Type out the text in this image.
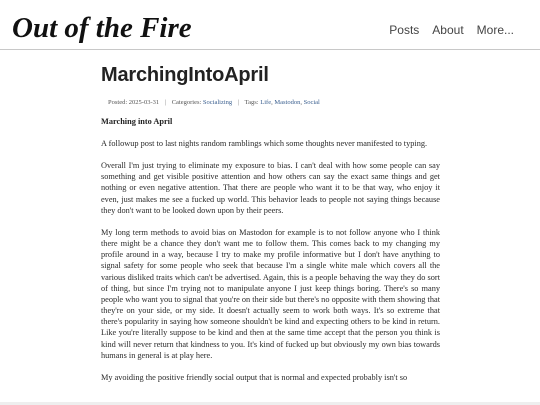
Out of the Fire	Posts About More...
MarchingIntoApril
Posted: 2025-03-31 | Categories: Socializing | Tags: Life, Mastodon, Social
Marching into April

A followup post to last nights random ramblings which some thoughts never manifested to typing.

Overall I'm just trying to eliminate my exposure to bias. I can't deal with how some people can say something and get visible positive attention and how others can say the exact same things and get nothing or even negative attention. That there are people who want it to be that way, who enjoy it even, just makes me see a fucked up world. This behavior leads to people not saying things because they don't want to be looked down upon by their peers.

My long term methods to avoid bias on Mastodon for example is to not follow anyone who I think there might be a chance they don't want me to follow them. This comes back to my changing my profile around in a way, because I try to make my profile informative but I don't have anything to signal safety for some people who seek that because I'm a single white male which covers all the various disliked traits which can't be advertised. Again, this is a people behaving the way they do sort of thing, but since I'm trying not to manipulate anyone I just keep things boring. There's so many people who want you to signal that you're on their side but there's no opposite with them showing that they're on your side, or my side. It doesn't actually seem to work both ways. It's so extreme that there's popularity in saying how someone shouldn't be kind and expecting others to be kind in return. Like you're literally suppose to be kind and then at the same time accept that the person you think is kind will never return that kindness to you. It's kind of fucked up but obviously my own bias towards humans in general is at play here.

My avoiding the positive friendly social output that is normal and expected probably isn't so
